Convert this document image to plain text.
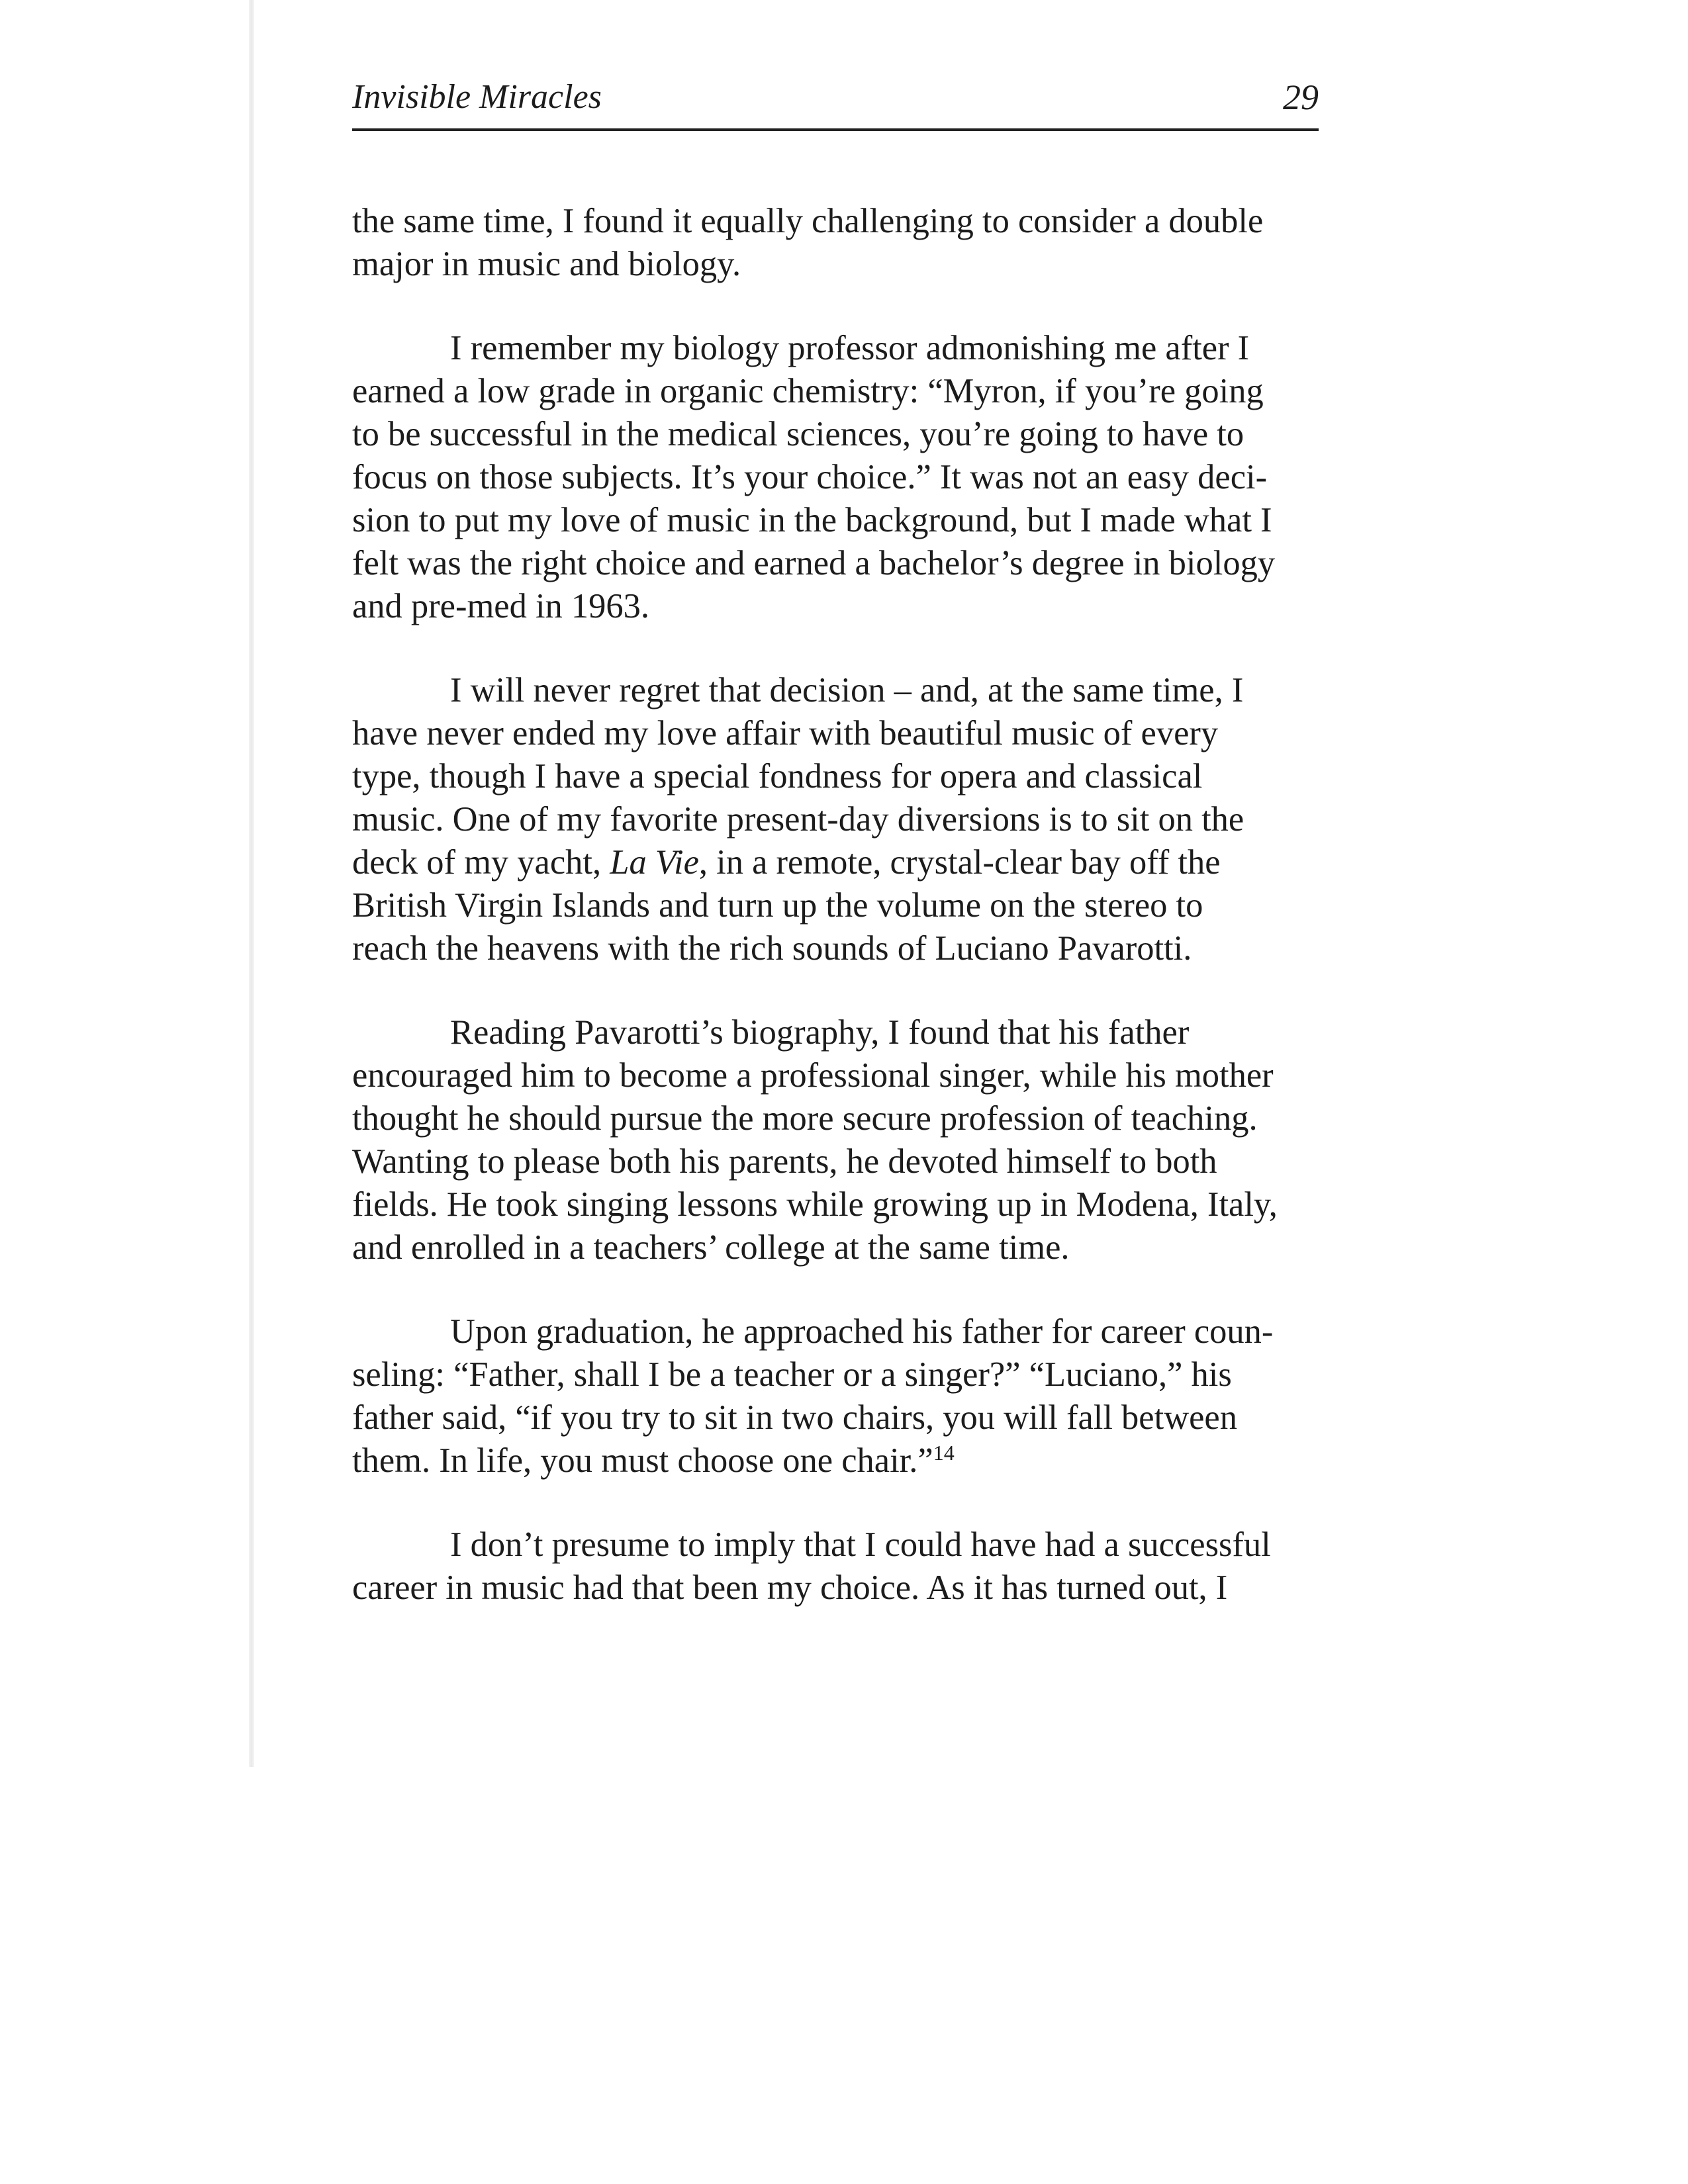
Invisible Miracles	29

the same time, I found it equally challenging to consider a double
major in music and biology.

I remember my biology professor admonishing me after I
earned a low grade in organic chemistry: “Myron, if you’re going
to be successful in the medical sciences, you’re going to have to
focus on those subjects. It’s your choice.” It was not an easy deci-
sion to put my love of music in the background, but I made what I
felt was the right choice and earned a bachelor’s degree in biology
and pre-med in 1963.

I will never regret that decision – and, at the same time, I
have never ended my love affair with beautiful music of every
type, though I have a special fondness for opera and classical
music. One of my favorite present-day diversions is to sit on the
deck of my yacht, La Vie, in a remote, crystal-clear bay off the
British Virgin Islands and turn up the volume on the stereo to
reach the heavens with the rich sounds of Luciano Pavarotti.

Reading Pavarotti’s biography, I found that his father
encouraged him to become a professional singer, while his mother
thought he should pursue the more secure profession of teaching.
Wanting to please both his parents, he devoted himself to both
fields. He took singing lessons while growing up in Modena, Italy,
and enrolled in a teachers’ college at the same time.

Upon graduation, he approached his father for career coun-
seling: “Father, shall I be a teacher or a singer?” “Luciano,” his
father said, “if you try to sit in two chairs, you will fall between
them. In life, you must choose one chair.”$^{14}$

I don’t presume to imply that I could have had a successful
career in music had that been my choice. As it has turned out, I
